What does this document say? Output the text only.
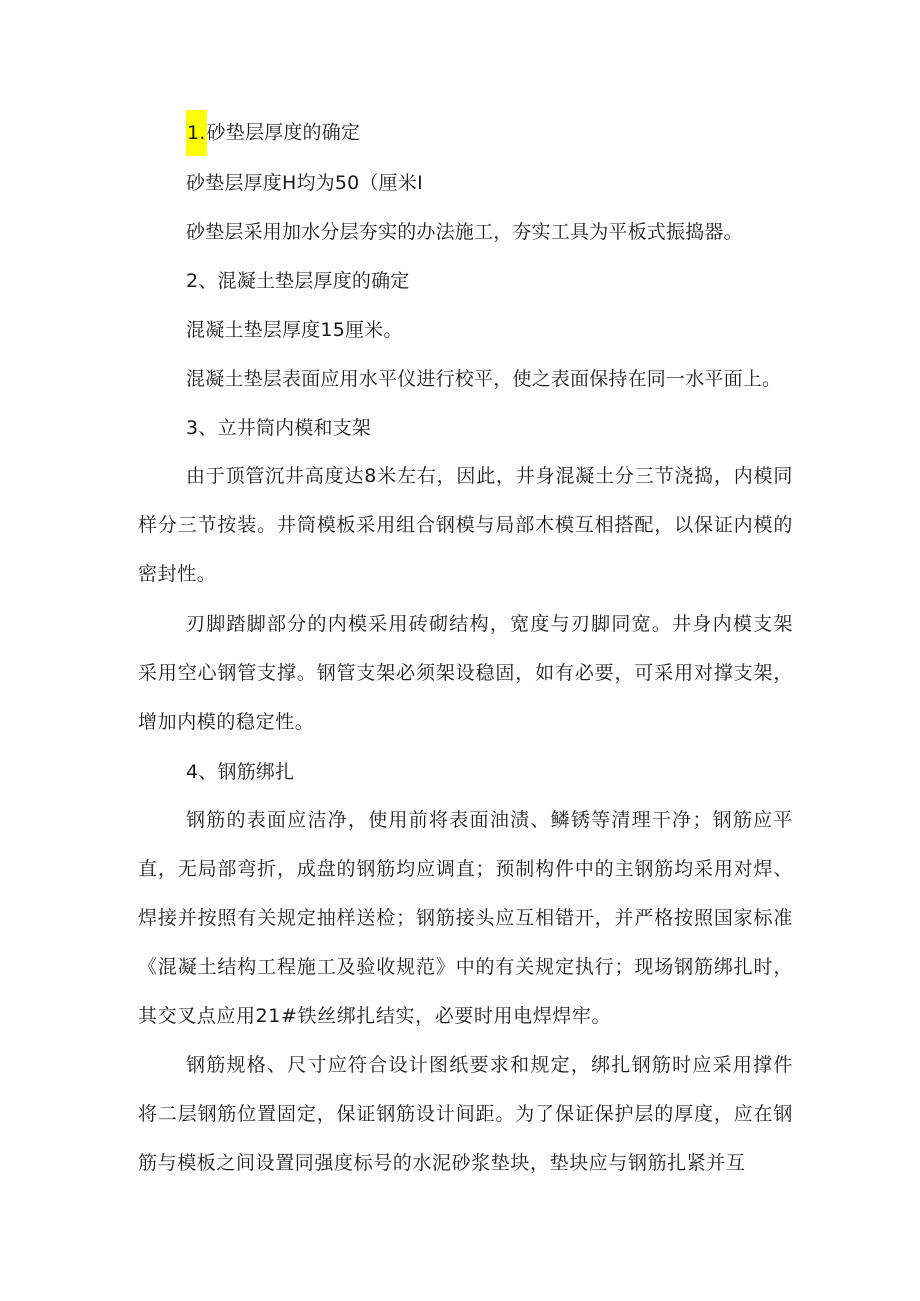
1.砂垫层厚度的确定
砂垫层厚度H均为50（厘米I
砂垫层采用加水分层夯实的办法施工，夯实工具为平板式振捣器。
2、混凝土垫层厚度的确定
混凝土垫层厚度15厘米。
混凝土垫层表面应用水平仪进行校平，使之表面保持在同一水平面上。
3、立井筒内模和支架
由于顶管沉井高度达8米左右，因此，井身混凝土分三节浇捣，内模同样分三节按装。井筒模板采用组合钢模与局部木模互相搭配，以保证内模的密封性。
刃脚踏脚部分的内模采用砖砌结构，宽度与刃脚同宽。井身内模支架采用空心钢管支撑。钢管支架必须架设稳固，如有必要，可采用对撑支架，增加内模的稳定性。
4、钢筋绑扎
钢筋的表面应洁净，使用前将表面油渍、鳞锈等清理干净；钢筋应平直，无局部弯折，成盘的钢筋均应调直；预制构件中的主钢筋均采用对焊、焊接并按照有关规定抽样送检；钢筋接头应互相错开，并严格按照国家标准《混凝土结构工程施工及验收规范》中的有关规定执行；现场钢筋绑扎时，其交叉点应用21#铁丝绑扎结实，必要时用电焊焊牢。
钢筋规格、尺寸应符合设计图纸要求和规定，绑扎钢筋时应采用撑件将二层钢筋位置固定，保证钢筋设计间距。为了保证保护层的厚度，应在钢筋与模板之间设置同强度标号的水泥砂浆垫块，垫块应与钢筋扎紧并互
